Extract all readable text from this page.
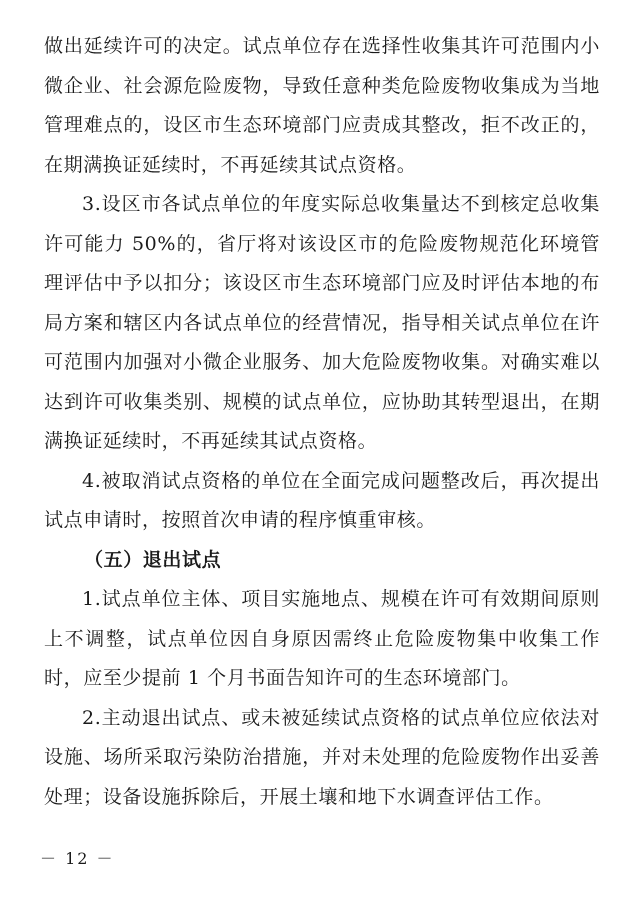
做出延续许可的决定。试点单位存在选择性收集其许可范围内小微企业、社会源危险废物，导致任意种类危险废物收集成为当地管理难点的，设区市生态环境部门应责成其整改，拒不改正的，在期满换证延续时，不再延续其试点资格。

3.设区市各试点单位的年度实际总收集量达不到核定总收集许可能力 50%的，省厅将对该设区市的危险废物规范化环境管理评估中予以扣分；该设区市生态环境部门应及时评估本地的布局方案和辖区内各试点单位的经营情况，指导相关试点单位在许可范围内加强对小微企业服务、加大危险废物收集。对确实难以达到许可收集类别、规模的试点单位，应协助其转型退出，在期满换证延续时，不再延续其试点资格。

4.被取消试点资格的单位在全面完成问题整改后，再次提出试点申请时，按照首次申请的程序慎重审核。

（五）退出试点

1.试点单位主体、项目实施地点、规模在许可有效期间原则上不调整，试点单位因自身原因需终止危险废物集中收集工作时，应至少提前 1 个月书面告知许可的生态环境部门。

2.主动退出试点、或未被延续试点资格的试点单位应依法对设施、场所采取污染防治措施，并对未处理的危险废物作出妥善处理；设备设施拆除后，开展土壤和地下水调查评估工作。

－ 12 －
